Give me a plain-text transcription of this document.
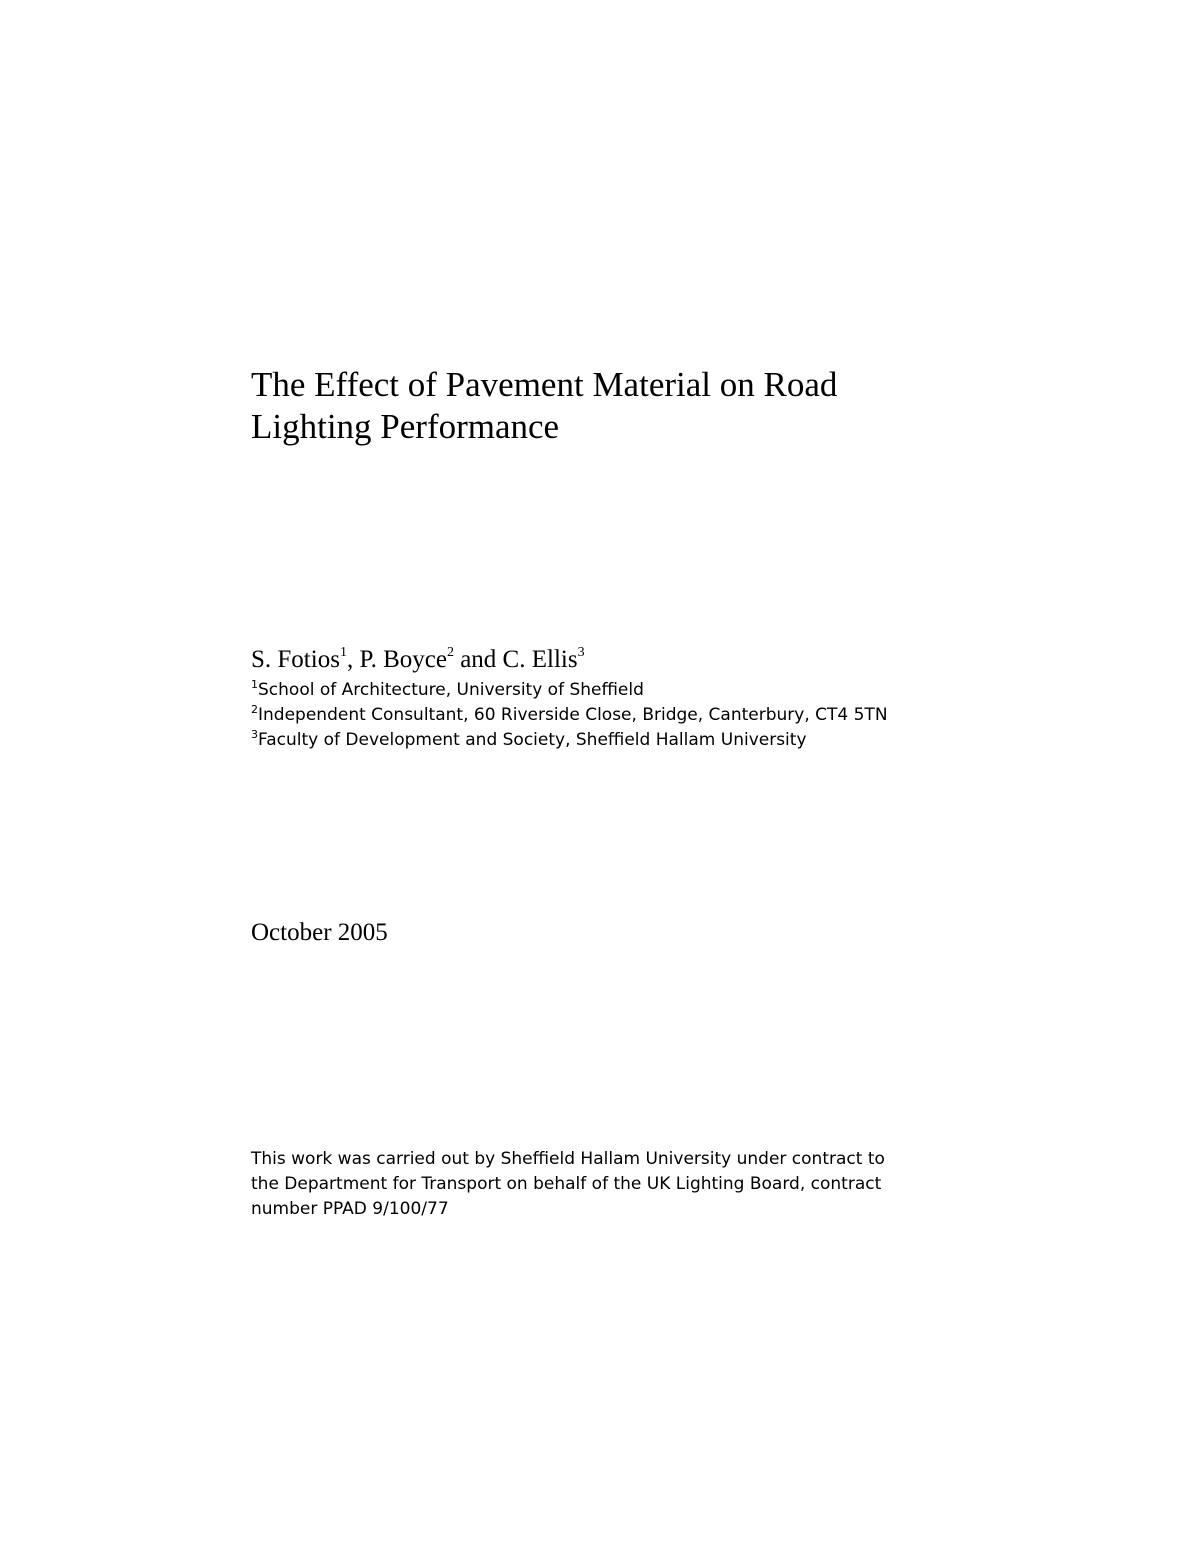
The Effect of Pavement Material on Road
Lighting Performance
S. Fotios$^1$, P. Boyce$^2$ and C. Ellis$^3$
$^1$School of Architecture, University of Sheffield
$^2$Independent Consultant, 60 Riverside Close, Bridge, Canterbury, CT4 5TN
$^3$Faculty of Development and Society, Sheffield Hallam University
October 2005
This work was carried out by Sheffield Hallam University under contract to
the Department for Transport on behalf of the UK Lighting Board, contract
number PPAD 9/100/77
